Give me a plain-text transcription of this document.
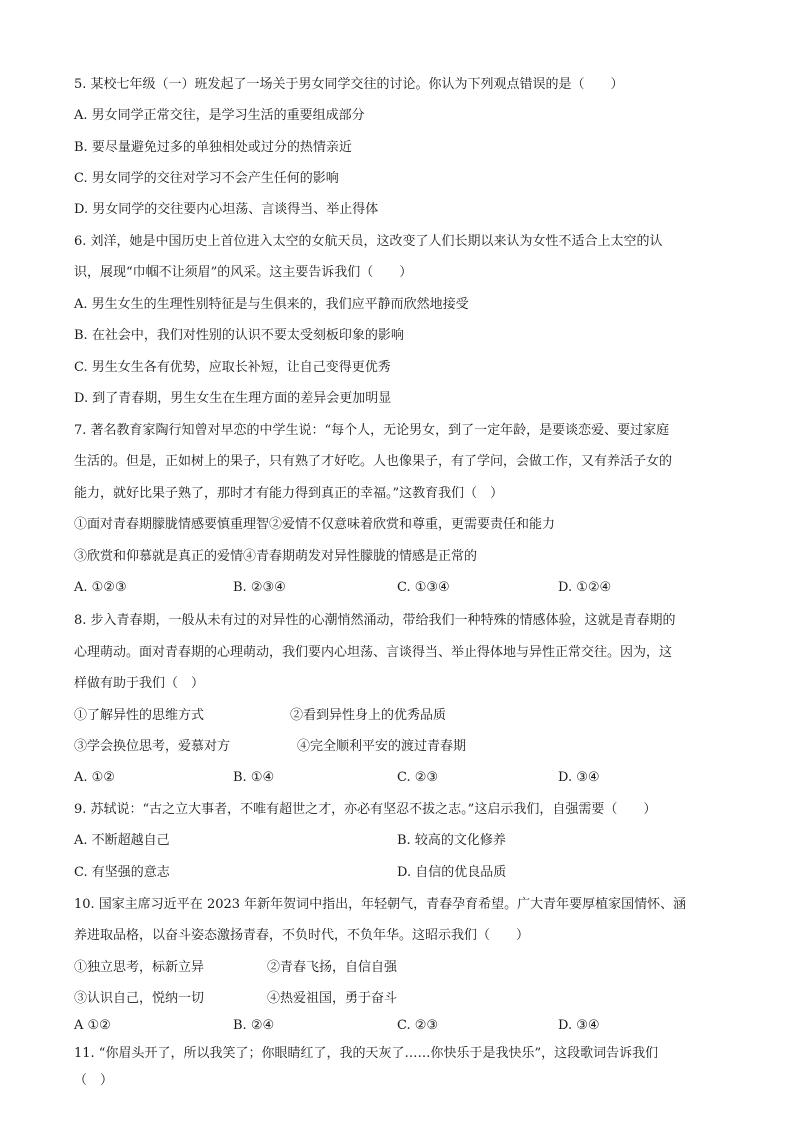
5. 某校七年级（一）班发起了一场关于男女同学交往的讨论。你认为下列观点错误的是（　　）
A. 男女同学正常交往，是学习生活的重要组成部分
B. 要尽量避免过多的单独相处或过分的热情亲近
C. 男女同学的交往对学习不会产生任何的影响
D. 男女同学的交往要内心坦荡、言谈得当、举止得体
6. 刘洋，她是中国历史上首位进入太空的女航天员，这改变了人们长期以来认为女性不适合上太空的认
识，展现“巾帼不让须眉”的风采。这主要告诉我们（　　）
A. 男生女生的生理性别特征是与生俱来的，我们应平静而欣然地接受
B. 在社会中，我们对性别的认识不要太受刻板印象的影响
C. 男生女生各有优势，应取长补短，让自己变得更优秀
D. 到了青春期，男生女生在生理方面的差异会更加明显
7. 著名教育家陶行知曾对早恋的中学生说：“每个人，无论男女，到了一定年龄，是要谈恋爱、要过家庭
生活的。但是，正如树上的果子，只有熟了才好吃。人也像果子，有了学问，会做工作，又有养活子女的
能力，就好比果子熟了，那时才有能力得到真正的幸福。”这教育我们（　）
①面对青春期朦胧情感要慎重理智②爱情不仅意味着欣赏和尊重，更需要责任和能力
③欣赏和仰慕就是真正的爱情④青春期萌发对异性朦胧的情感是正常的
A. ①②③	B. ②③④	C. ①③④	D. ①②④
8. 步入青春期，一般从未有过的对异性的心潮悄然涌动，带给我们一种特殊的情感体验，这就是青春期的
心理萌动。面对青春期的心理萌动，我们要内心坦荡、言谈得当、举止得体地与异性正常交往。因为，这
样做有助于我们（　）
①了解异性的思维方式	②看到异性身上的优秀品质
③学会换位思考，爱慕对方	④完全顺利平安的渡过青春期
A. ①②	B. ①④	C. ②③	D. ③④
9. 苏轼说：“古之立大事者，不唯有超世之才，亦必有坚忍不拔之志。”这启示我们，自强需要（　　）
A. 不断超越自己	B. 较高的文化修养
C. 有坚强的意志	D. 自信的优良品质
10. 国家主席习近平在 2023 年新年贺词中指出，年轻朝气，青春孕育希望。广大青年要厚植家国情怀、涵
养进取品格，以奋斗姿态激扬青春，不负时代，不负年华。这昭示我们（　　）
①独立思考，标新立异	②青春飞扬，自信自强
③认识自己，悦纳一切	④热爱祖国，勇于奋斗
A ①②	B. ②④	C. ②③	D. ③④
11. “你眉头开了，所以我笑了；你眼睛红了，我的天灰了……你快乐于是我快乐”，这段歌词告诉我们
（　）
